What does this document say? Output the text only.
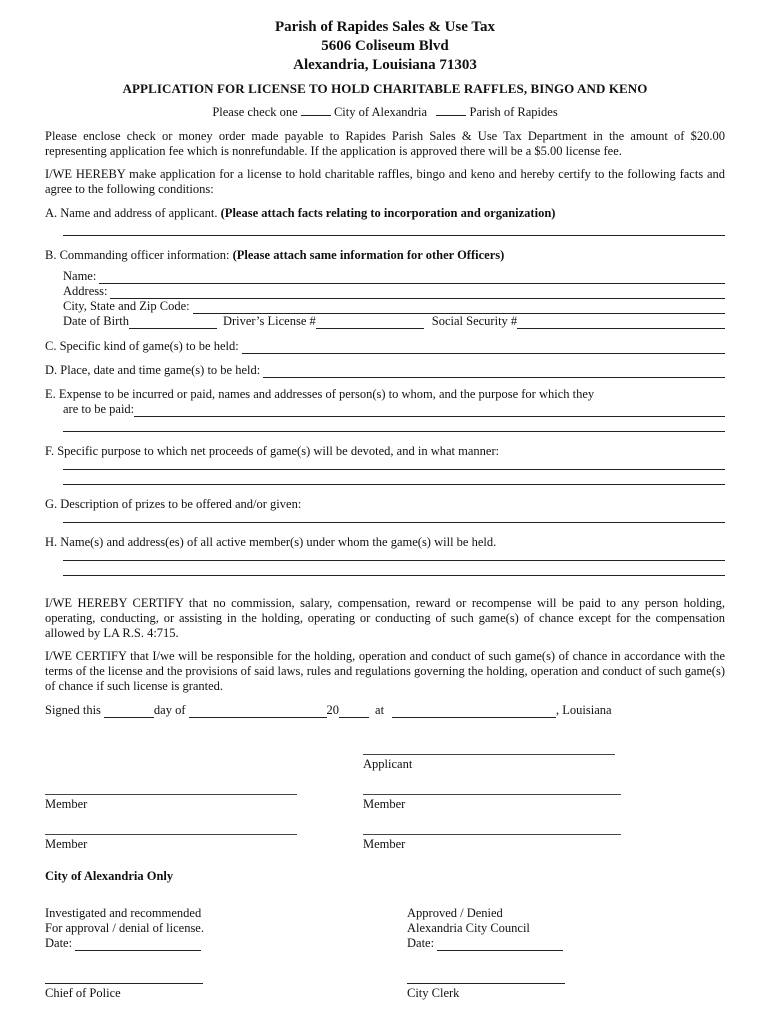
Parish of Rapides Sales & Use Tax
5606 Coliseum Blvd
Alexandria, Louisiana 71303
APPLICATION FOR LICENSE TO HOLD CHARITABLE RAFFLES, BINGO AND KENO
Please check one	City of Alexandria	Parish of Rapides
Please enclose check or money order made payable to Rapides Parish Sales & Use Tax Department in the amount of $20.00 representing application fee which is nonrefundable. If the application is approved there will be a $5.00 license fee.
I/WE HEREBY make application for a license to hold charitable raffles, bingo and keno and hereby certify to the following facts and agree to the following conditions:
A. Name and address of applicant. (Please attach facts relating to incorporation and organization)
B. Commanding officer information: (Please attach same information for other Officers)
Name:
Address:
City, State and Zip Code:
Date of Birth	Driver’s License #	Social Security #
C. Specific kind of game(s) to be held:
D. Place, date and time game(s) to be held:
E. Expense to be incurred or paid, names and addresses of person(s) to whom, and the purpose for which they
are to be paid:
F. Specific purpose to which net proceeds of game(s) will be devoted, and in what manner:
G. Description of prizes to be offered and/or given:
H. Name(s) and address(es) of all active member(s) under whom the game(s) will be held.
I/WE HEREBY CERTIFY that no commission, salary, compensation, reward or recompense will be paid to any person holding, operating, conducting, or assisting in the holding, operating or conducting of such game(s) of chance except for the compensation allowed by LA R.S. 4:715.
I/WE CERTIFY that I/we will be responsible for the holding, operation and conduct of such game(s) of chance in accordance with the terms of the license and the provisions of said laws, rules and regulations governing the holding, operation and conduct of such game(s) of chance if such license is granted.
Signed this	day of	20	at	, Louisiana
Applicant
Member	Member
Member	Member
City of Alexandria Only
Investigated and recommended
For approval / denial of license.
Date:
Chief of Police
Approved / Denied
Alexandria City Council
Date:
City Clerk
